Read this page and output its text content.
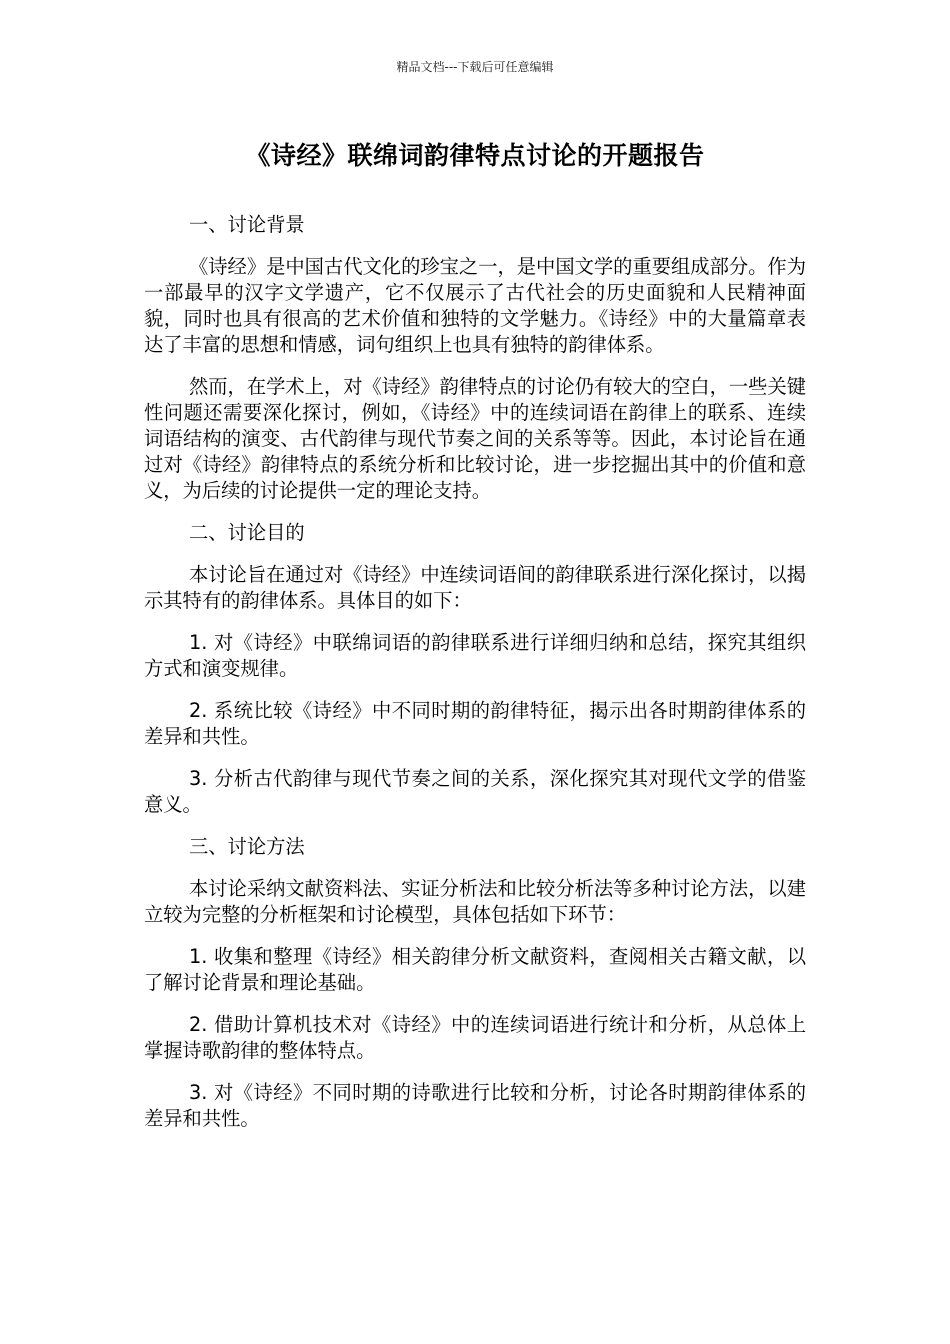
精品文档---下载后可任意编辑
《诗经》联绵词韵律特点讨论的开题报告

一、讨论背景

《诗经》是中国古代文化的珍宝之一，是中国文学的重要组成部分。作为一部最早的汉字文学遗产，它不仅展示了古代社会的历史面貌和人民精神面貌，同时也具有很高的艺术价值和独特的文学魅力。《诗经》中的大量篇章表达了丰富的思想和情感，词句组织上也具有独特的韵律体系。

然而，在学术上，对《诗经》韵律特点的讨论仍有较大的空白，一些关键性问题还需要深化探讨，例如，《诗经》中的连续词语在韵律上的联系、连续词语结构的演变、古代韵律与现代节奏之间的关系等等。因此，本讨论旨在通过对《诗经》韵律特点的系统分析和比较讨论，进一步挖掘出其中的价值和意义，为后续的讨论提供一定的理论支持。

二、讨论目的

本讨论旨在通过对《诗经》中连续词语间的韵律联系进行深化探讨，以揭示其特有的韵律体系。具体目的如下：

1. 对《诗经》中联绵词语的韵律联系进行详细归纳和总结，探究其组织方式和演变规律。

2. 系统比较《诗经》中不同时期的韵律特征，揭示出各时期韵律体系的差异和共性。

3. 分析古代韵律与现代节奏之间的关系，深化探究其对现代文学的借鉴意义。

三、讨论方法

本讨论采纳文献资料法、实证分析法和比较分析法等多种讨论方法，以建立较为完整的分析框架和讨论模型，具体包括如下环节：

1. 收集和整理《诗经》相关韵律分析文献资料，查阅相关古籍文献，以了解讨论背景和理论基础。

2. 借助计算机技术对《诗经》中的连续词语进行统计和分析，从总体上掌握诗歌韵律的整体特点。

3. 对《诗经》不同时期的诗歌进行比较和分析，讨论各时期韵律体系的差异和共性。
